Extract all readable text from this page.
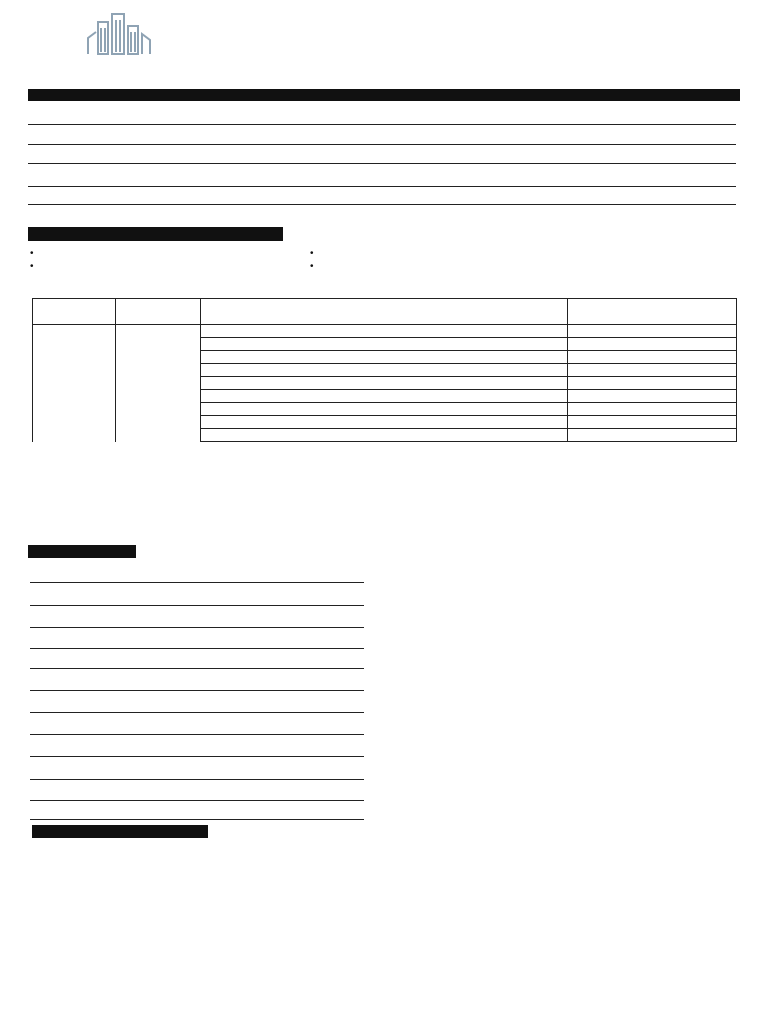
•
•
•
•
